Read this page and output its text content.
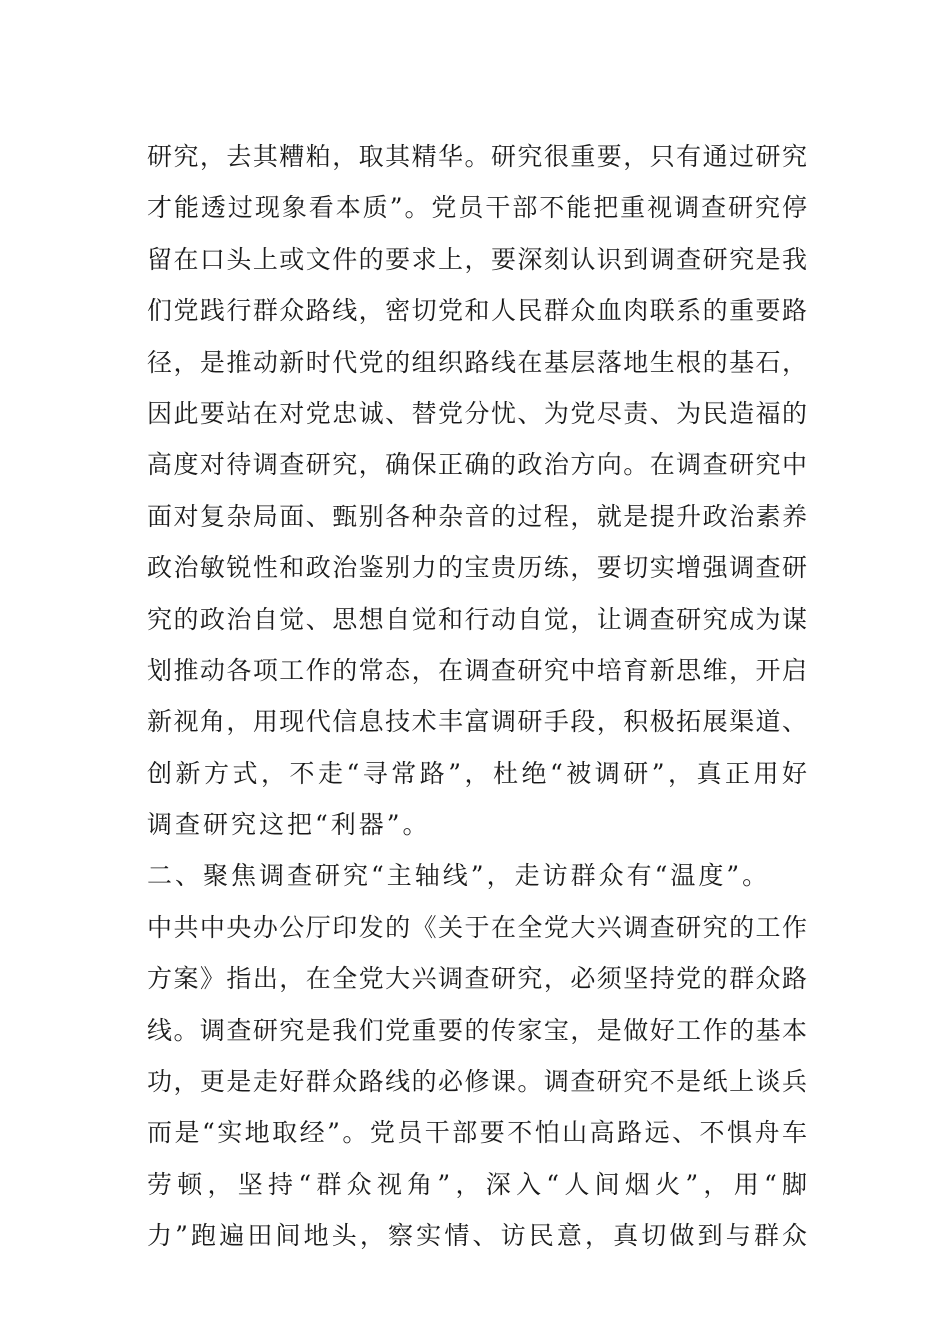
研究，去其糟粕，取其精华。研究很重要，只有通过研究
才能透过现象看本质”。党员干部不能把重视调查研究停
留在口头上或文件的要求上，要深刻认识到调查研究是我
们党践行群众路线，密切党和人民群众血肉联系的重要路
径，是推动新时代党的组织路线在基层落地生根的基石，
因此要站在对党忠诚、替党分忧、为党尽责、为民造福的
高度对待调查研究，确保正确的政治方向。在调查研究中
面对复杂局面、甄别各种杂音的过程，就是提升政治素养
政治敏锐性和政治鉴别力的宝贵历练，要切实增强调查研
究的政治自觉、思想自觉和行动自觉，让调查研究成为谋
划推动各项工作的常态，在调查研究中培育新思维，开启
新视角，用现代信息技术丰富调研手段，积极拓展渠道、
创新方式，不走“寻常路”，杜绝“被调研”，真正用好
调查研究这把“利器”。
二、聚焦调查研究“主轴线”，走访群众有“温度”。
中共中央办公厅印发的《关于在全党大兴调查研究的工作
方案》指出，在全党大兴调查研究，必须坚持党的群众路
线。调查研究是我们党重要的传家宝，是做好工作的基本
功，更是走好群众路线的必修课。调查研究不是纸上谈兵
而是“实地取经”。党员干部要不怕山高路远、不惧舟车
劳顿，坚持“群众视角”，深入“人间烟火”，用“脚
力”跑遍田间地头，察实情、访民意，真切做到与群众
